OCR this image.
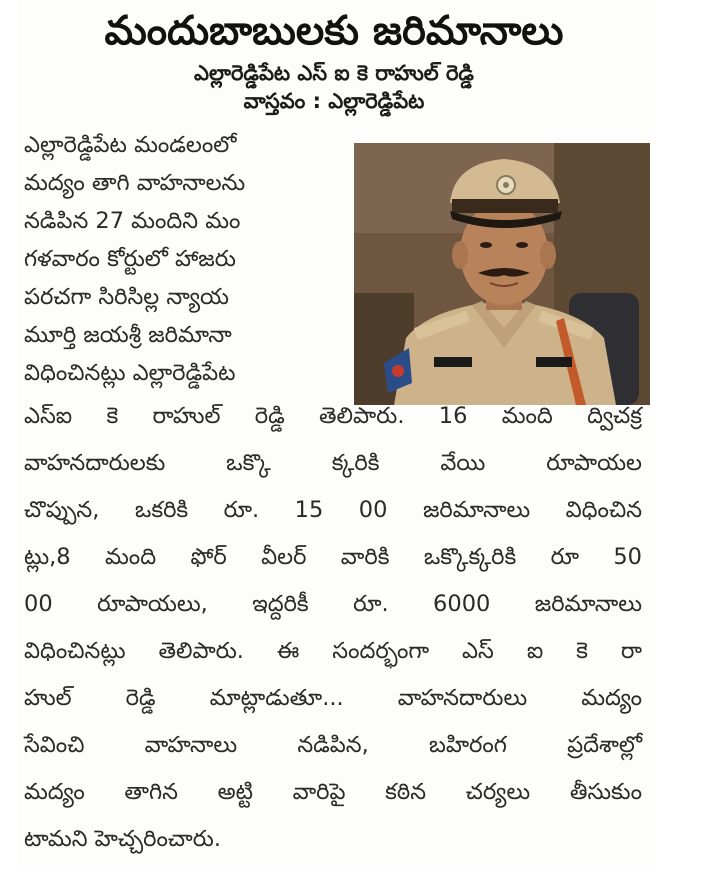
మందుబాబులకు జరిమానాలు
ఎల్లారెడ్డిపేట ఎస్ ఐ కె రాహుల్ రెడ్డి
వాస్తవం : ఎల్లారెడ్డిపేట
ఎల్లారెడ్డిపేట మండలంలో
మద్యం తాగి వాహనాలను
నడిపిన 27 మందిని మం
గళవారం కోర్టులో హాజరు
పరచగా సిరిసిల్ల న్యాయ
మూర్తి జయశ్రీ జరిమానా
విధించినట్లు ఎల్లారెడ్డిపేట
ఎస్ఐ కె రాహుల్ రెడ్డి తెలిపారు. 16 మంది ద్విచక్ర
వాహనదారులకు ఒక్కొ క్కరికి వేయి రూపాయల
చొప్పున, ఒకరికి రూ. 15 00 జరిమానాలు విధించిన
ట్లు,8 మంది ఫోర్ వీలర్ వారికి ఒక్కొక్కరికి రూ 50
00 రూపాయలు, ఇద్దరికీ రూ. 6000 జరిమానాలు
విధించినట్లు తెలిపారు. ఈ సందర్భంగా ఎస్ ఐ కె రా
హుల్ రెడ్డి మాట్లాడుతూ... వాహనదారులు మద్యం
సేవించి వాహనాలు నడిపిన, బహిరంగ ప్రదేశాల్లో
మద్యం తాగిన అట్టి వారిపై కఠిన చర్యలు తీసుకుం
టామని హెచ్చరించారు.
